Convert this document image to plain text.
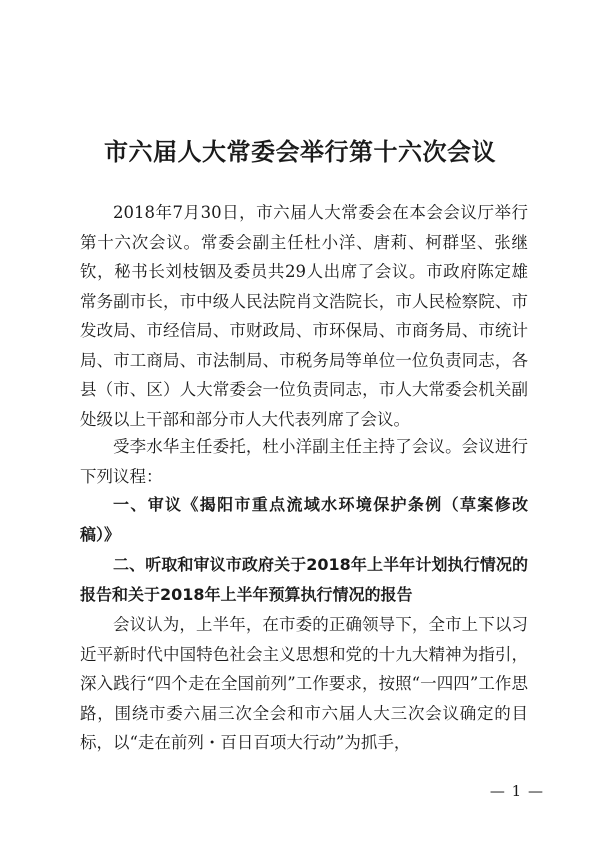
市六届人大常委会举行第十六次会议

2018年7月30日，市六届人大常委会在本会会议厅举行第十六次会议。常委会副主任杜小洋、唐莉、柯群坚、张继钦，秘书长刘枝铟及委员共29人出席了会议。市政府陈定雄常务副市长，市中级人民法院肖文浩院长，市人民检察院、市发改局、市经信局、市财政局、市环保局、市商务局、市统计局、市工商局、市法制局、市税务局等单位一位负责同志，各县（市、区）人大常委会一位负责同志，市人大常委会机关副处级以上干部和部分市人大代表列席了会议。

受李水华主任委托，杜小洋副主任主持了会议。会议进行下列议程：

一、审议《揭阳市重点流域水环境保护条例（草案修改稿）》

二、听取和审议市政府关于2018年上半年计划执行情况的报告和关于2018年上半年预算执行情况的报告

会议认为，上半年，在市委的正确领导下，全市上下以习近平新时代中国特色社会主义思想和党的十九大精神为指引，深入践行“四个走在全国前列”工作要求，按照“一四四”工作思路，围绕市委六届三次全会和市六届人大三次会议确定的目标，以“走在前列・百日百项大行动”为抓手，

— 1 —
